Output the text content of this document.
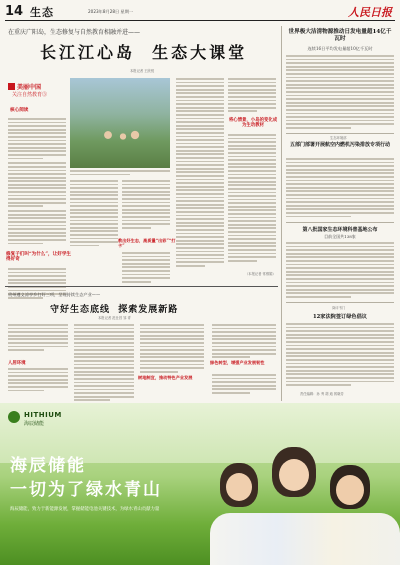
14 生态	2023年8月28日 星期一	人民日报
在重庆广阳岛，生态修复与自然教育相融并进——
长江江心岛  生态大课堂
本报记者 王欣悦
美丽中国
关注自然教育③
核心阅读
修复子们叫“为什么”，让好学生得好奇
教出好生态，高质量“出彩”“打卡”
将心情景，小岛的变化成为生动教材
（本报记者 常维娟）
世界极大洁清物源推动日发电量超14亿千瓦时
连续16日平均发电量超10亿千瓦时
生态环境部
五部门部署开展航空内燃机污染排放专项行动
第八批国家生态环境科普基地公布
目前全国共138家
岗评书门
12家法院签订绿色倡议
贵州遵义凉亭乡打好三项，呈现持续生态产业——
守好生态底线  探索发展新路
本报记者 范仕昌 邹 青
人居环境
树地制宜，推动特色产业发展
绿色转型，增强产业发展韧性
责任编辑：孙 秀 胡 迪 郭晓芳
HITHIUM
海辰储能
海辰储能
一切为了绿水青山
海辰储能，致力于新能源发展，掌握储能电池关键技术，为绿水青山贡献力量
